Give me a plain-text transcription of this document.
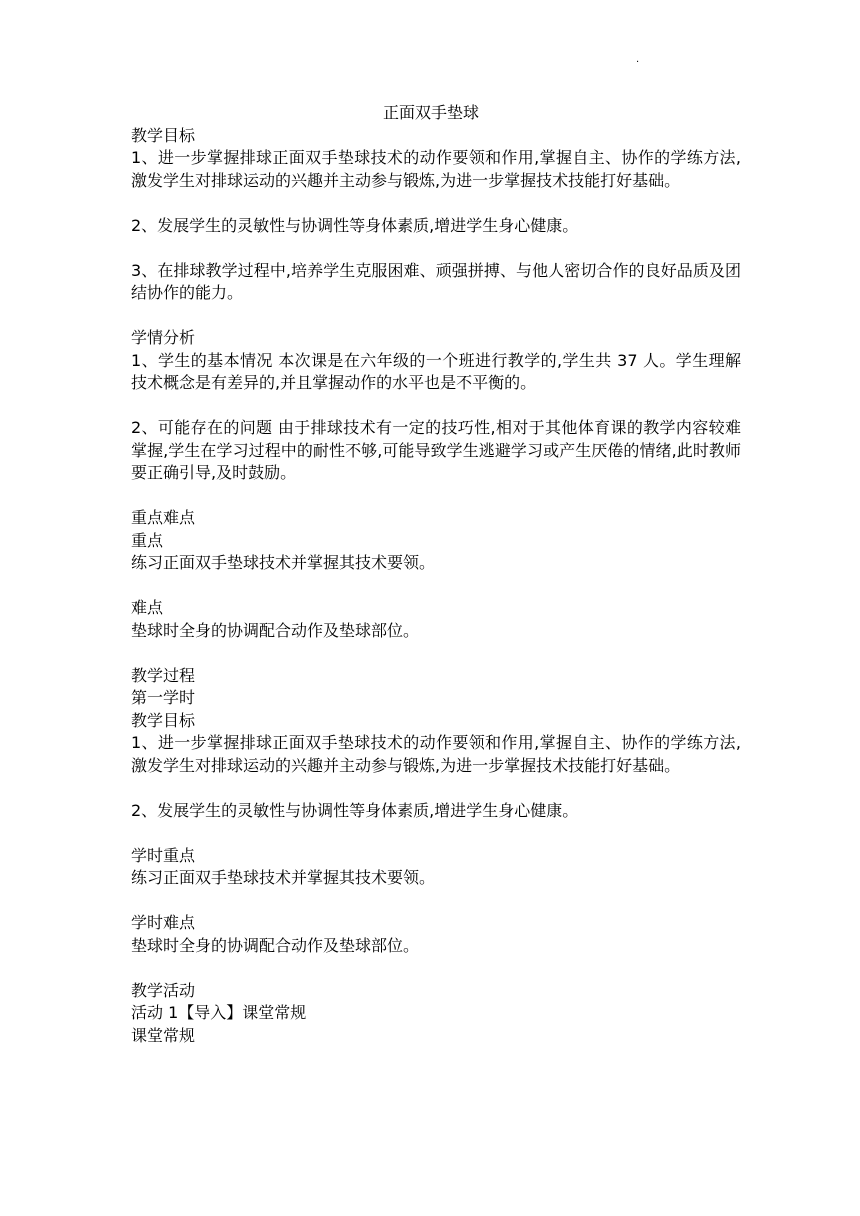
.

正面双手垫球

教学目标

1、进一步掌握排球正面双手垫球技术的动作要领和作用,掌握自主、协作的学练方法,激发学生对排球运动的兴趣并主动参与锻炼,为进一步掌握技术技能打好基础。

2、发展学生的灵敏性与协调性等身体素质,增进学生身心健康。

3、在排球教学过程中,培养学生克服困难、顽强拼搏、与他人密切合作的良好品质及团结协作的能力。

学情分析

1、学生的基本情况 本次课是在六年级的一个班进行教学的,学生共 37 人。学生理解技术概念是有差异的,并且掌握动作的水平也是不平衡的。

2、可能存在的问题 由于排球技术有一定的技巧性,相对于其他体育课的教学内容较难掌握,学生在学习过程中的耐性不够,可能导致学生逃避学习或产生厌倦的情绪,此时教师要正确引导,及时鼓励。

重点难点

重点

练习正面双手垫球技术并掌握其技术要领。

难点

垫球时全身的协调配合动作及垫球部位。

教学过程

第一学时

教学目标

1、进一步掌握排球正面双手垫球技术的动作要领和作用,掌握自主、协作的学练方法,激发学生对排球运动的兴趣并主动参与锻炼,为进一步掌握技术技能打好基础。

2、发展学生的灵敏性与协调性等身体素质,增进学生身心健康。

学时重点

练习正面双手垫球技术并掌握其技术要领。

学时难点

垫球时全身的协调配合动作及垫球部位。

教学活动

活动 1【导入】课堂常规

课堂常规
